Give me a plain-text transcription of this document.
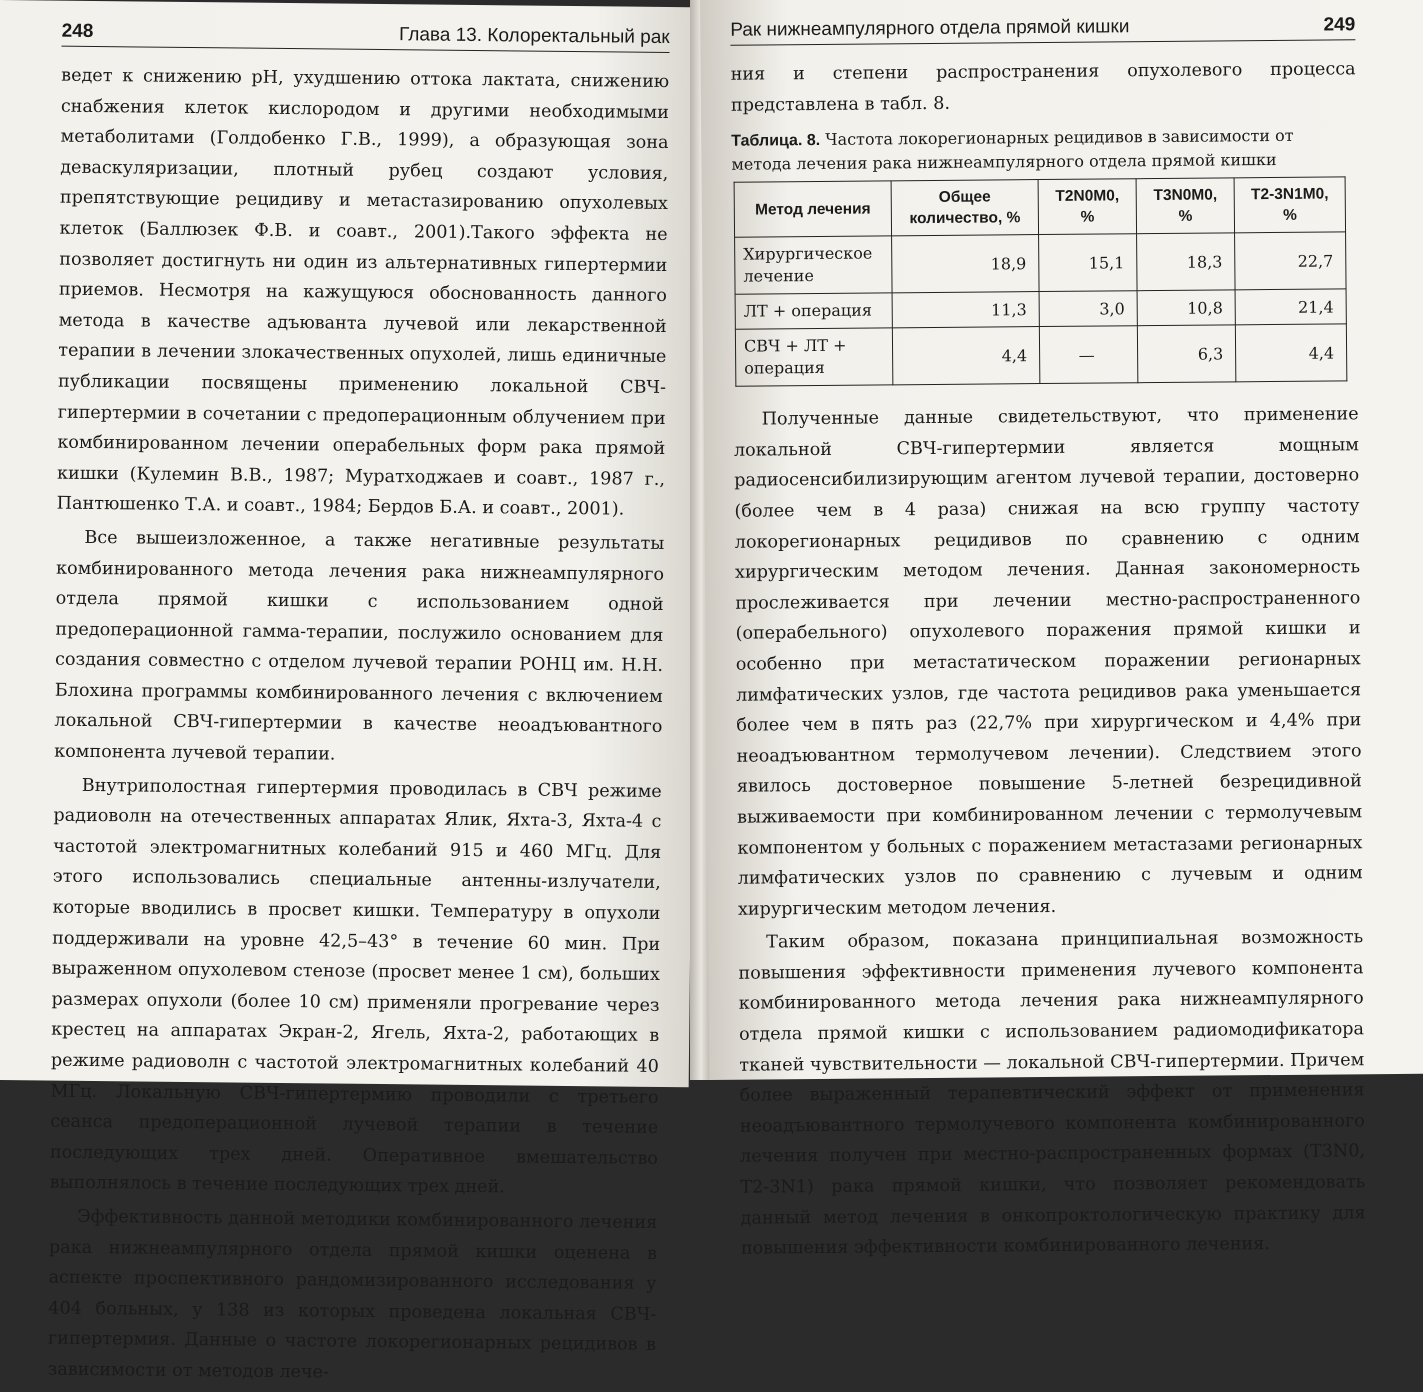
248	Глава 13. Колоректальный рак

ведет к снижению pH, ухудшению оттока лактата, снижению снабжения клеток кислородом и другими необходимыми метаболитами (Голдобенко Г.В., 1999), а образующая зона деваскуляризации, плотный рубец создают условия, препятствующие рецидиву и метастазированию опухолевых клеток (Баллюзек Ф.В. и соавт., 2001).Такого эффекта не позволяет достигнуть ни один из альтернативных гипертермии приемов. Несмотря на кажущуюся обоснованность данного метода в качестве адъюванта лучевой или лекарственной терапии в лечении злокачественных опухолей, лишь единичные публикации посвящены применению локальной СВЧ-гипертермии в сочетании с предоперационным облучением при комбинированном лечении операбельных форм рака прямой кишки (Кулемин В.В., 1987; Муратходжаев и соавт., 1987 г., Пантюшенко Т.А. и соавт., 1984; Бердов Б.А. и соавт., 2001).

Все вышеизложенное, а также негативные результаты комбинированного метода лечения рака нижнеампулярного отдела прямой кишки с использованием одной предоперационной гамма-терапии, послужило основанием для создания совместно с отделом лучевой терапии РОНЦ им. Н.Н. Блохина программы комбинированного лечения с включением локальной СВЧ-гипертермии в качестве неоадъювантного компонента лучевой терапии.

Внутриполостная гипертермия проводилась в СВЧ режиме радиоволн на отечественных аппаратах Ялик, Яхта-3, Яхта-4 с частотой электромагнитных колебаний 915 и 460 МГц. Для этого использовались специальные антенны-излучатели, которые вводились в просвет кишки. Температуру в опухоли поддерживали на уровне 42,5–43° в течение 60 мин. При выраженном опухолевом стенозе (просвет менее 1 см), больших размерах опухоли (более 10 см) применяли прогревание через крестец на аппаратах Экран-2, Ягель, Яхта-2, работающих в режиме радиоволн с частотой электромагнитных колебаний 40 МГц. Локальную СВЧ-гипертермию проводили с третьего сеанса предоперационной лучевой терапии в течение последующих трех дней. Оперативное вмешательство выполнялось в течение последующих трех дней.

Эффективность данной методики комбинированного лечения рака нижнеампулярного отдела прямой кишки оценена в аспекте проспективного рандомизированного исследования у 404 больных, у 138 из которых проведена локальная СВЧ-гипертермия. Данные о частоте локорегионарных рецидивов в зависимости от методов лече-

Рак нижнеампулярного отдела прямой кишки	249

ния и степени распространения опухолевого процесса представлена в табл. 8.

Таблица. 8. Частота локорегионарных рецидивов в зависимости от метода лечения рака нижнеампулярного отдела прямой кишки
Метод лечения	Общее количество, %	T2N0M0, %	T3N0M0, %	T2-3N1M0, %
Хирургическое лечение	18,9	15,1	18,3	22,7
ЛТ + операция	11,3	3,0	10,8	21,4
СВЧ + ЛТ + операция	4,4	—	6,3	4,4

Полученные данные свидетельствуют, что применение локальной СВЧ-гипертермии является мощным радиосенсибилизирующим агентом лучевой терапии, достоверно (более чем в 4 раза) снижая на всю группу частоту локорегионарных рецидивов по сравнению с одним хирургическим методом лечения. Данная закономерность прослеживается при лечении местно-распространенного (операбельного) опухолевого поражения прямой кишки и особенно при метастатическом поражении регионарных лимфатических узлов, где частота рецидивов рака уменьшается более чем в пять раз (22,7% при хирургическом и 4,4% при неоадъювантном термолучевом лечении). Следствием этого явилось достоверное повышение 5-летней безрецидивной выживаемости при комбинированном лечении с термолучевым компонентом у больных с поражением метастазами регионарных лимфатических узлов по сравнению с лучевым и одним хирургическим методом лечения.

Таким образом, показана принципиальная возможность повышения эффективности применения лучевого компонента комбинированного метода лечения рака нижнеампулярного отдела прямой кишки с использованием радиомодификатора тканей чувствительности — локальной СВЧ-гипертермии. Причем более выраженный терапевтический эффект от применения неоадъювантного термолучевого компонента комбинированного лечения получен при местно-распространенных формах (T3N0, T2-3N1) рака прямой кишки, что позволяет рекомендовать данный метод лечения в онкопроктологическую практику для повышения эффективности комбинированного лечения.
